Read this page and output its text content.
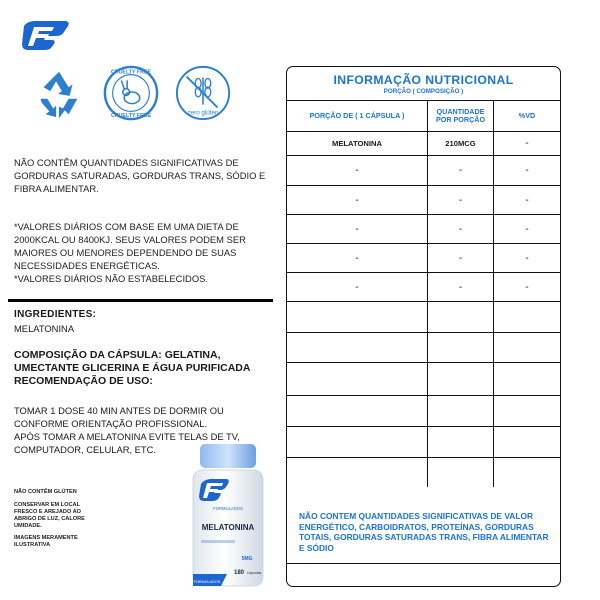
CRUELTY FREE
CRUELTY FREE	zero glúten
NÃO CONTÊM QUANTIDADES SIGNIFICATIVAS DE GORDURAS SATURADAS, GORDURAS TRANS, SÓDIO E FIBRA ALIMENTAR.
*VALORES DIÁRIOS COM BASE EM UMA DIETA DE 2000KCAL OU 8400KJ. SEUS VALORES PODEM SER MAIORES OU MENORES DEPENDENDO DE SUAS NECESSIDADES ENERGÉTICAS.
*VALORES DIÁRIOS NÃO ESTABELECIDOS.
INGREDIENTES:
MELATONINA
COMPOSIÇÃO DA CÁPSULA: GELATINA, UMECTANTE GLICERINA E ÁGUA PURIFICADA RECOMENDAÇÃO DE USO:
TOMAR 1 DOSE 40 MIN ANTES DE DORMIR OU CONFORME ORIENTAÇÃO PROFISSIONAL.
APÓS TOMAR A MELATONINA EVITE TELAS DE TV, COMPUTADOR, CELULAR, ETC.
NÃO CONTÊM GLÚTEN
CONSERVAR EM LOCAL FRESCO E AREJADO AO ABRIGO DE LUZ, CALORE UMIDADE.
IMAGENS MERAMENTE ILUSTRATIVA
FORMULADOS
MELATONINA
5MG
180 Cápsulas
FORMULADOS
INFORMAÇÃO NUTRICIONAL
PORÇÃO ( COMPOSIÇÃO )
PORÇÃO DE ( 1 CÁPSULA )	QUANTIDADE POR PORÇÃO	%VD
MELATONINA	210MCG	-
-	-	-
-	-	-
-	-	-
-	-	-
-	-	-
NÃO CONTEM QUANTIDADES SIGNIFICATIVAS DE VALOR ENERGÉTICO, CARBOIDRATOS, PROTEÍNAS, GORDURAS TOTAIS, GORDURAS SATURADAS TRANS, FIBRA ALIMENTAR E SÓDIO
